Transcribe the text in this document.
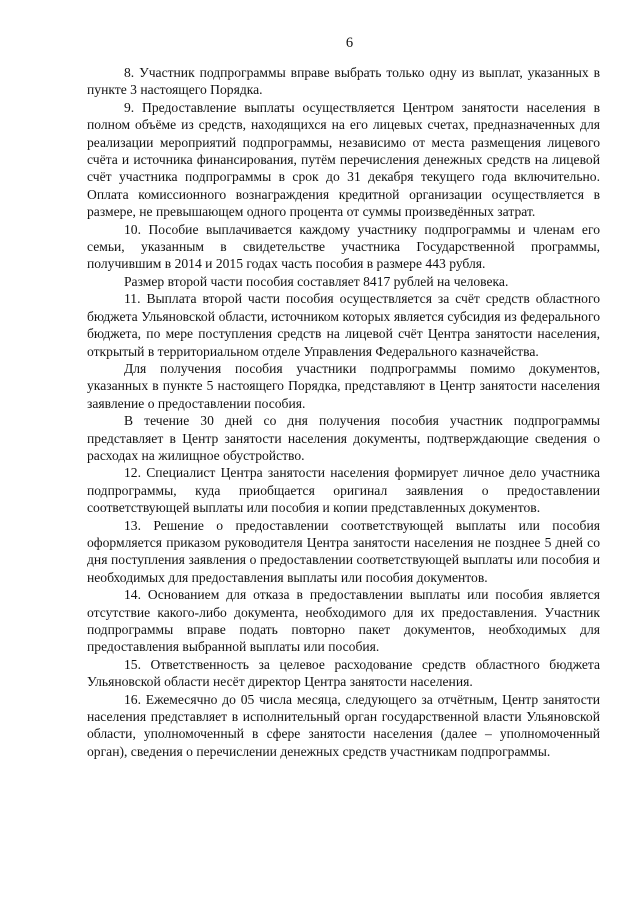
6

8. Участник подпрограммы вправе выбрать только одну из выплат, указанных в пункте 3 настоящего Порядка.

9. Предоставление выплаты осуществляется Центром занятости населения в полном объёме из средств, находящихся на его лицевых счетах, предназначенных для реализации мероприятий подпрограммы, независимо от места размещения лицевого счёта и источника финансирования, путём перечисления денежных средств на лицевой счёт участника подпрограммы в срок до 31 декабря текущего года включительно. Оплата комиссионного вознаграждения кредитной организации осуществляется в размере, не превышающем одного процента от суммы произведённых затрат.

10. Пособие выплачивается каждому участнику подпрограммы и членам его семьи, указанным в свидетельстве участника Государственной программы, получившим в 2014 и 2015 годах часть пособия в размере 443 рубля.

Размер второй части пособия составляет 8417 рублей на человека.

11. Выплата второй части пособия осуществляется за счёт средств областного бюджета Ульяновской области, источником которых является субсидия из федерального бюджета, по мере поступления средств на лицевой счёт Центра занятости населения, открытый в территориальном отделе Управления Федерального казначейства.

Для получения пособия участники подпрограммы помимо документов, указанных в пункте 5 настоящего Порядка, представляют в Центр занятости населения заявление о предоставлении пособия.

В течение 30 дней со дня получения пособия участник подпрограммы представляет в Центр занятости населения документы, подтверждающие сведения о расходах на жилищное обустройство.

12. Специалист Центра занятости населения формирует личное дело участника подпрограммы, куда приобщается оригинал заявления о предоставлении соответствующей выплаты или пособия и копии представленных документов.

13. Решение о предоставлении соответствующей выплаты или пособия оформляется приказом руководителя Центра занятости населения не позднее 5 дней со дня поступления заявления о предоставлении соответствующей выплаты или пособия и необходимых для предоставления выплаты или пособия документов.

14. Основанием для отказа в предоставлении выплаты или пособия является отсутствие какого-либо документа, необходимого для их предоставления. Участник подпрограммы вправе подать повторно пакет документов, необходимых для предоставления выбранной выплаты или пособия.

15. Ответственность за целевое расходование средств областного бюджета Ульяновской области несёт директор Центра занятости населения.

16. Ежемесячно до 05 числа месяца, следующего за отчётным, Центр занятости населения представляет в исполнительный орган государственной власти Ульяновской области, уполномоченный в сфере занятости населения (далее – уполномоченный орган), сведения о перечислении денежных средств участникам подпрограммы.
